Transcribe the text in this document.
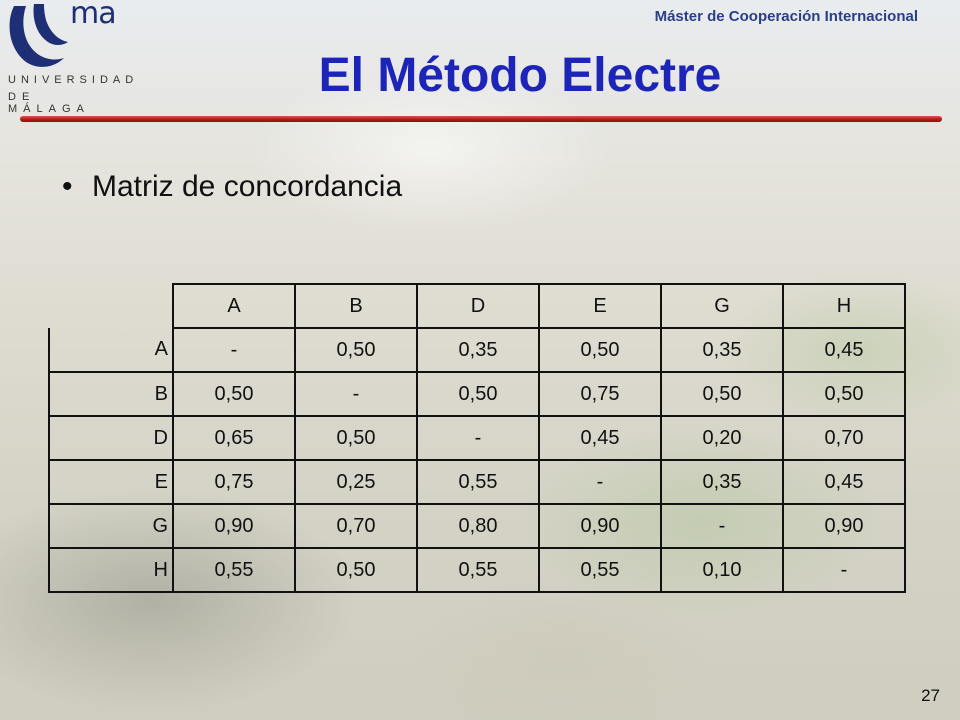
ma
UNIVERSIDAD
DE MÁLAGA
Máster de Cooperación Internacional
El Método Electre
• Matriz de concordancia
	A	B	D	E	G	H
A	-	0,50	0,35	0,50	0,35	0,45
B	0,50	-	0,50	0,75	0,50	0,50
D	0,65	0,50	-	0,45	0,20	0,70
E	0,75	0,25	0,55	-	0,35	0,45
G	0,90	0,70	0,80	0,90	-	0,90
H	0,55	0,50	0,55	0,55	0,10	-
27
